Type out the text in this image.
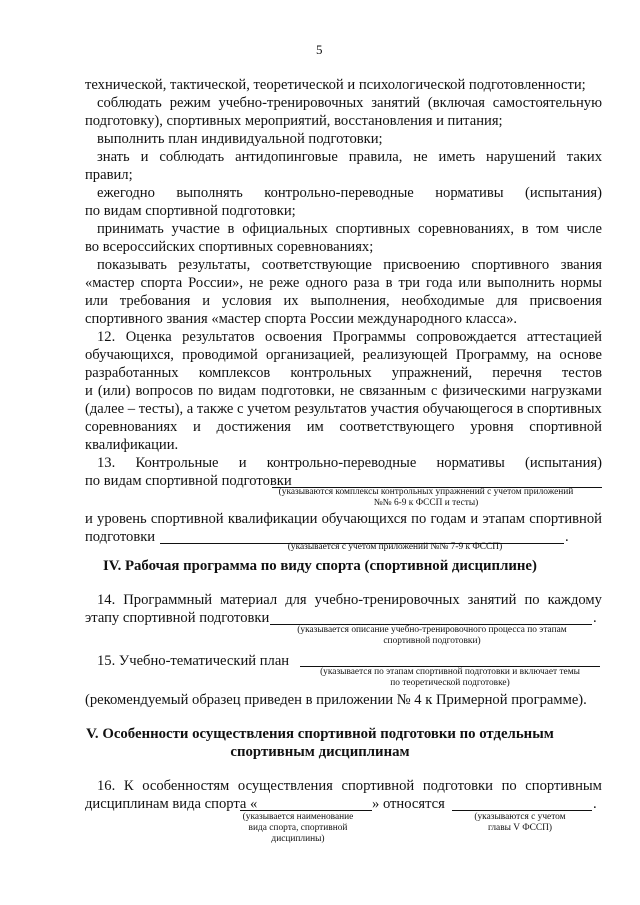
5
технической, тактической, теоретической и психологической подготовленности;
соблюдать режим учебно-тренировочных занятий (включая самостоятельную
подготовку), спортивных мероприятий, восстановления и питания;
выполнить план индивидуальной подготовки;
знать и соблюдать антидопинговые правила, не иметь нарушений таких
правил;
ежегодно выполнять контрольно-переводные нормативы (испытания)
по видам спортивной подготовки;
принимать участие в официальных спортивных соревнованиях, в том числе
во всероссийских спортивных соревнованиях;
показывать результаты, соответствующие присвоению спортивного звания
«мастер спорта России», не реже одного раза в три года или выполнить нормы
или требования и условия их выполнения, необходимые для присвоения
спортивного звания «мастер спорта России международного класса».
12. Оценка результатов освоения Программы сопровождается аттестацией
обучающихся, проводимой организацией, реализующей Программу, на основе
разработанных комплексов контрольных упражнений, перечня тестов
и (или) вопросов по видам подготовки, не связанным с физическими нагрузками
(далее – тесты), а также с учетом результатов участия обучающегося в спортивных
соревнованиях и достижения им соответствующего уровня спортивной
квалификации.
13. Контрольные и контрольно-переводные нормативы (испытания)
по видам спортивной подготовки
(указываются комплексы контрольных упражнений с учетом приложений
№№ 6-9 к ФССП и тесты)
и уровень спортивной квалификации обучающихся по годам и этапам спортивной
подготовки	.
(указывается с учетом приложений №№ 7-9 к ФССП)
IV. Рабочая программа по виду спорта (спортивной дисциплине)
14. Программный материал для учебно-тренировочных занятий по каждому
этапу спортивной подготовки	.
(указывается описание учебно-тренировочного процесса по этапам
спортивной подготовки)
15. Учебно-тематический план
(указывается по этапам спортивной подготовки и включает темы
по теоретической подготовке)
(рекомендуемый образец приведен в приложении № 4 к Примерной программе).
V. Особенности осуществления спортивной подготовки по отдельным
спортивным дисциплинам
16. К особенностям осуществления спортивной подготовки по спортивным
дисциплинам вида спорта «	» относятся	.
(указывается наименование
вида спорта, спортивной
дисциплины)
(указываются с учетом
главы V ФССП)
